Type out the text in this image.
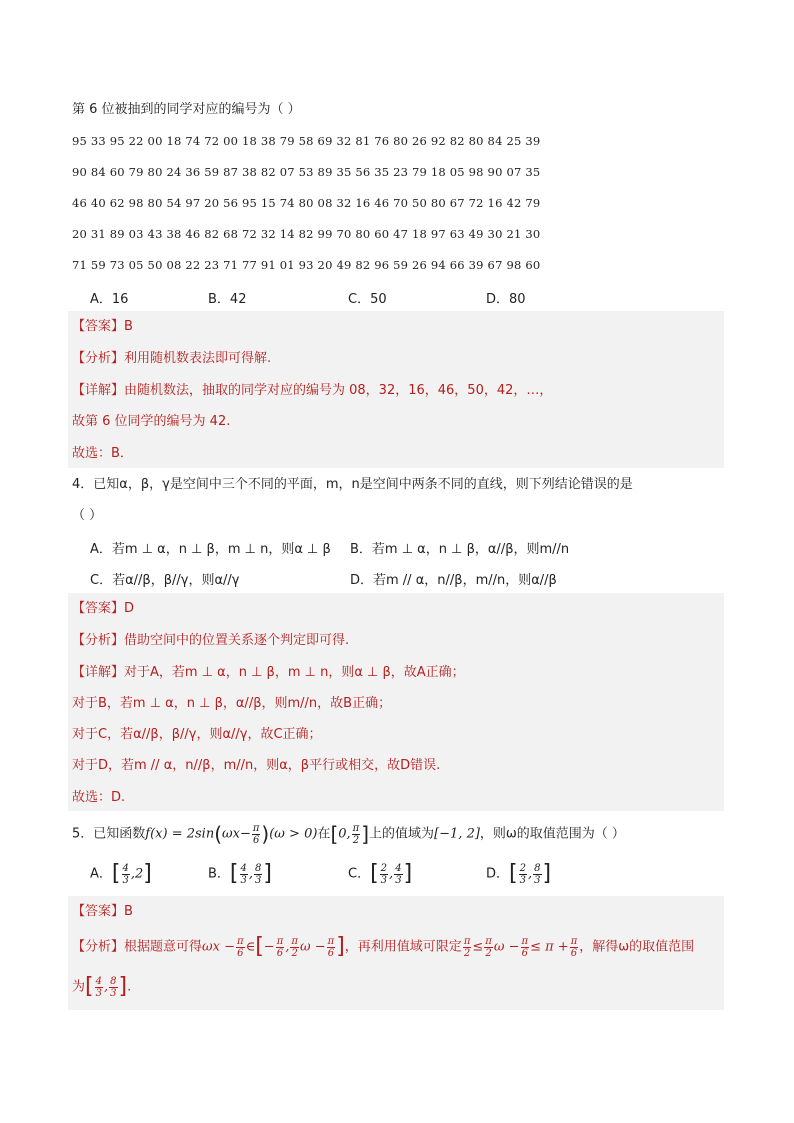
第 6 位被抽到的同学对应的编号为（ ）
95 33 95 22 00 18 74 72 00 18 38 79 58 69 32 81 76 80 26 92 82 80 84 25 39
90 84 60 79 80 24 36 59 87 38 82 07 53 89 35 56 35 23 79 18 05 98 90 07 35
46 40 62 98 80 54 97 20 56 95 15 74 80 08 32 16 46 70 50 80 67 72 16 42 79
20 31 89 03 43 38 46 82 68 72 32 14 82 99 70 80 60 47 18 97 63 49 30 21 30
71 59 73 05 50 08 22 23 71 77 91 01 93 20 49 82 96 59 26 94 66 39 67 98 60
A．16	B．42	C．50	D．80
【答案】B
【分析】利用随机数表法即可得解.
【详解】由随机数法，抽取的同学对应的编号为 08，32，16，46，50，42，…，
故第 6 位同学的编号为 42.
故选：B．
4．已知α，β，γ是空间中三个不同的平面，m，n是空间中两条不同的直线，则下列结论错误的是
（ ）
A．若m ⊥ α，n ⊥ β，m ⊥ n，则α ⊥ β B．若m ⊥ α，n ⊥ β，α//β，则m//n
C．若α//β，β//γ，则α//γ	D．若m // α，n//β，m//n，则α//β
【答案】D
【分析】借助空间中的位置关系逐个判定即可得.
【详解】对于A，若m ⊥ α，n ⊥ β，m ⊥ n，则α ⊥ β，故A正确；
对于B，若m ⊥ α，n ⊥ β，α//β，则m//n，故B正确；
对于C，若α//β，β//γ，则α//γ，故C正确；
对于D，若m // α，n//β，m//n，则α，β平行或相交，故D错误.
故选：D.
5．已知函数$f(x) = 2\sin(\omega x- \frac{\pi}{6} )(\omega > 0)$在[0, $\frac{\pi}{2}$ ]上的值域为[−1, 2]，则ω的取值范围为（ ）
A．[ $\frac{4}{3} ,2$]	B．[ $\frac{4}{3}$ , $\frac{8}{3}$ ]	C．[ $\frac{2}{3}$ , $\frac{4}{3}$ ]	D．[ $\frac{2}{3}$ , $\frac{8}{3}$ ]
【答案】B
【分析】根据题意可得$\omega x - \frac{\pi}{6}$ ∈[− $\frac{\pi}{6}$ , $\frac{\pi}{2}$ $\omega - \frac{\pi}{6}$ ]，再利用值域可限定 $\frac{\pi}{2} \le \frac{\pi}{2}$ $\omega - \frac{\pi}{6} \le \pi + \frac{\pi}{6}$ ，解得ω的取值范围
为[ $\frac{4}{3}$ , $\frac{8}{3}$ ].
